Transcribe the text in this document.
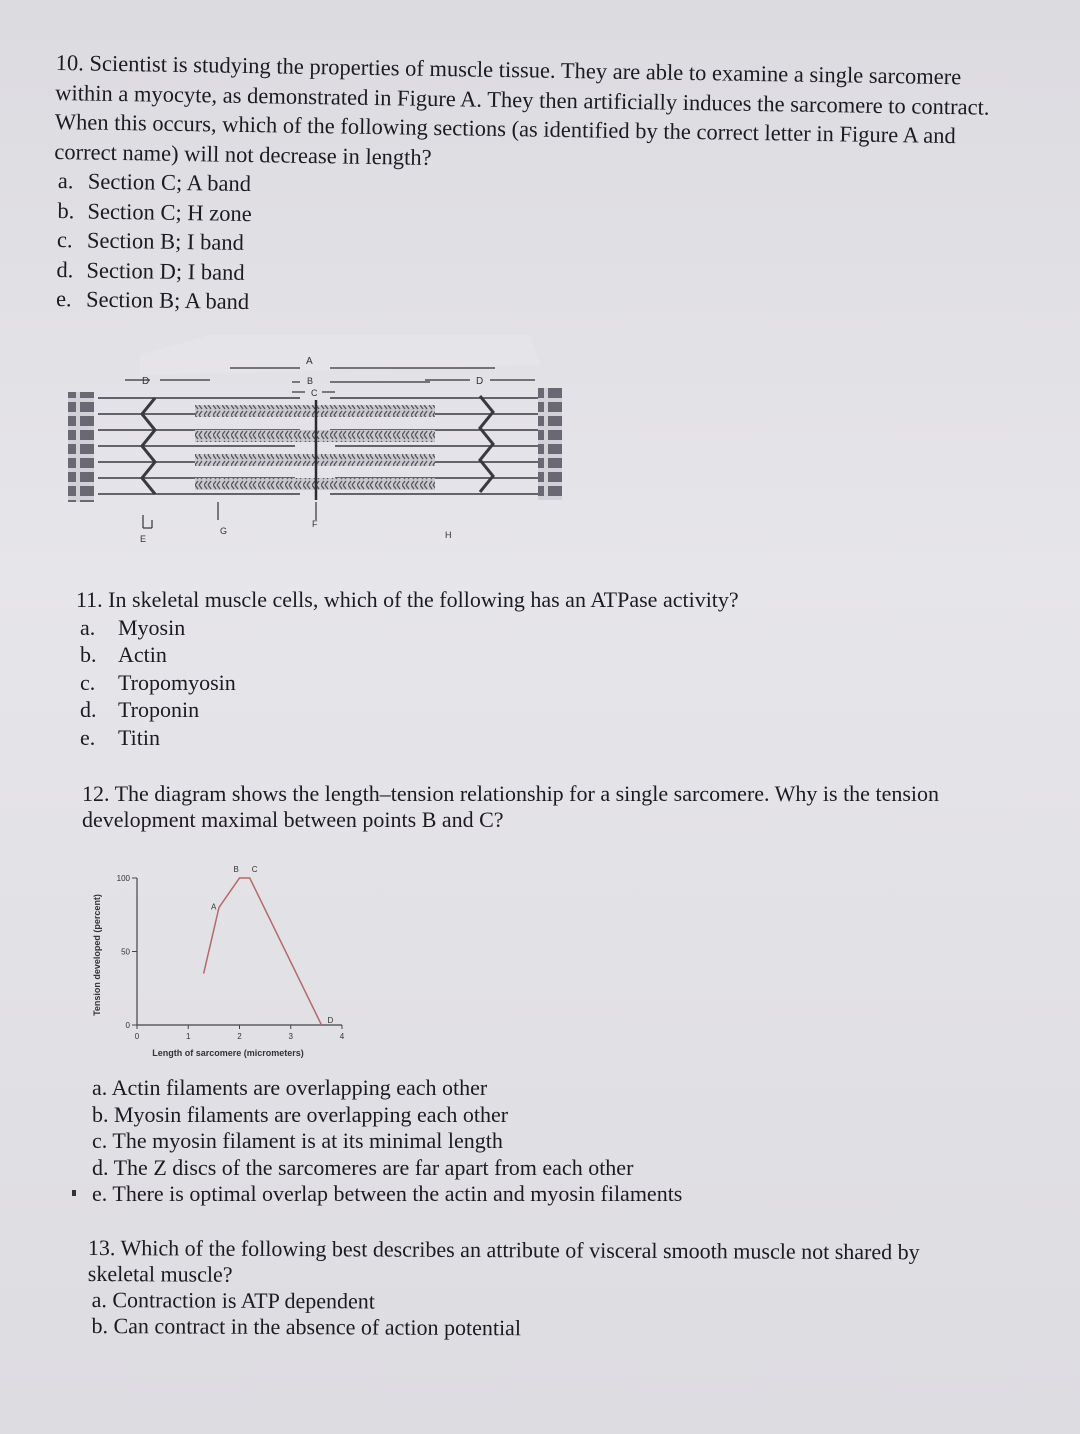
10. Scientist is studying the properties of muscle tissue. They are able to examine a single sarcomere within a myocyte, as demonstrated in Figure A. They then artificially induces the sarcomere to contract. When this occurs, which of the following sections (as identified by the correct letter in Figure A and correct name) will not decrease in length?

a. Section C; A band
b. Section C; H zone
c. Section B; I band
d. Section D; I band
e. Section B; A band
A
B
C
D	D
E
G
F
H

11. In skeletal muscle cells, which of the following has an ATPase activity?

a. Myosin
b. Actin
c. Tropomyosin
d. Troponin
e. Titin

12. The diagram shows the length–tension relationship for a single sarcomere. Why is the tension development maximal between points B and C?

Tension developed (percent)
0
50
100
0	1	2	3	4
A
B C
D
Length of sarcomere (micrometers)
a. Actin filaments are overlapping each other
b. Myosin filaments are overlapping each other
c. The myosin filament is at its minimal length
d. The Z discs of the sarcomeres are far apart from each other
e. There is optimal overlap between the actin and myosin filaments

13. Which of the following best describes an attribute of visceral smooth muscle not shared by skeletal muscle?

a. Contraction is ATP dependent
b. Can contract in the absence of action potential
